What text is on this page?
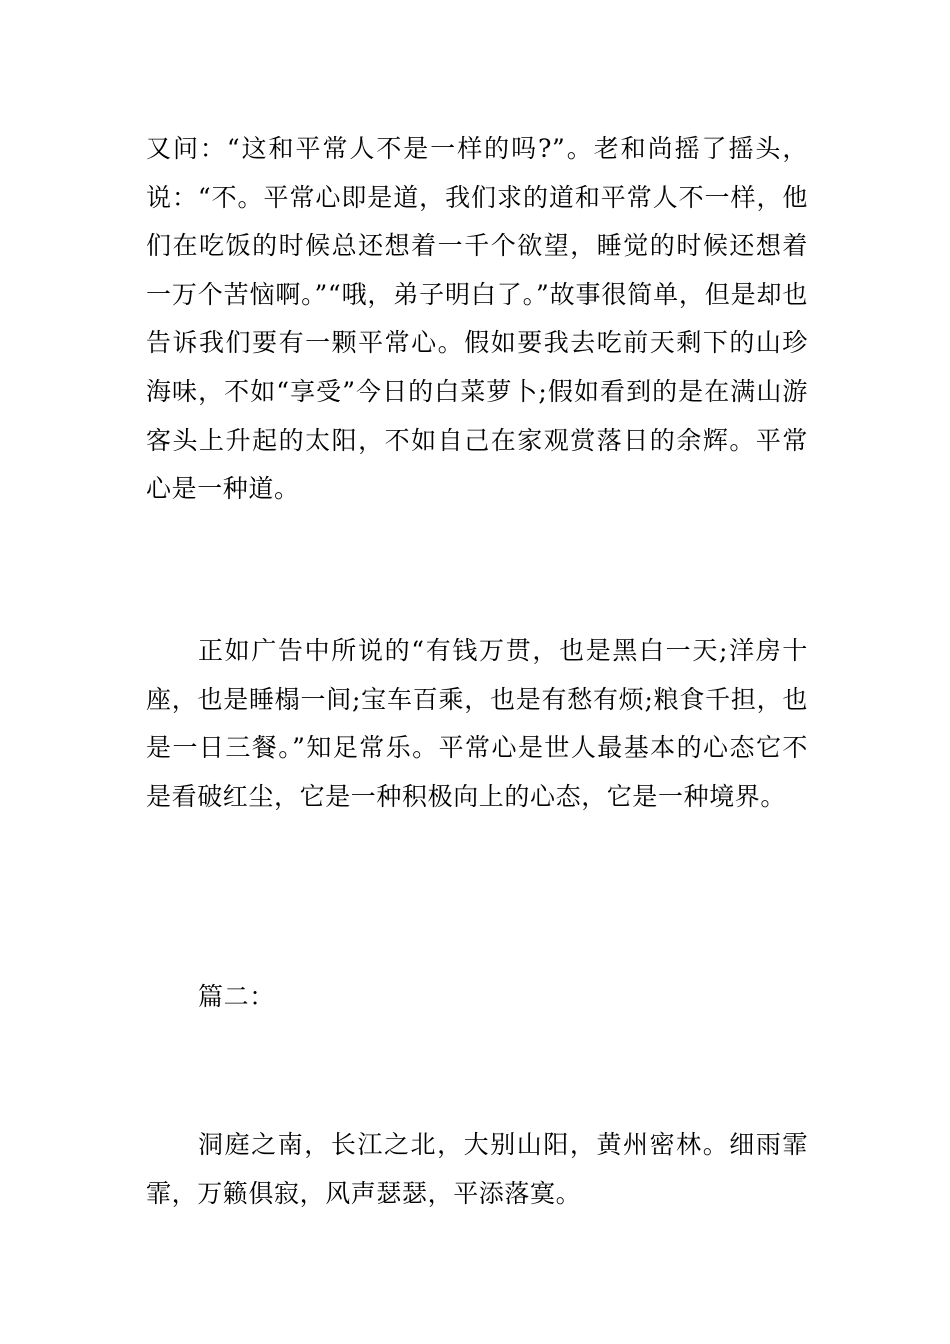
又问：“这和平常人不是一样的吗?”。老和尚摇了摇头，说：“不。平常心即是道，我们求的道和平常人不一样，他们在吃饭的时候总还想着一千个欲望，睡觉的时候还想着一万个苦恼啊。”“哦，弟子明白了。”故事很简单，但是却也告诉我们要有一颗平常心。假如要我去吃前天剩下的山珍海味，不如“享受”今日的白菜萝卜;假如看到的是在满山游客头上升起的太阳，不如自己在家观赏落日的余辉。平常心是一种道。

正如广告中所说的“有钱万贯，也是黑白一天;洋房十座，也是睡榻一间;宝车百乘，也是有愁有烦;粮食千担，也是一日三餐。”知足常乐。平常心是世人最基本的心态它不是看破红尘，它是一种积极向上的心态，它是一种境界。

篇二：

洞庭之南，长江之北，大别山阳，黄州密林。细雨霏霏，万籁俱寂，风声瑟瑟，平添落寞。
